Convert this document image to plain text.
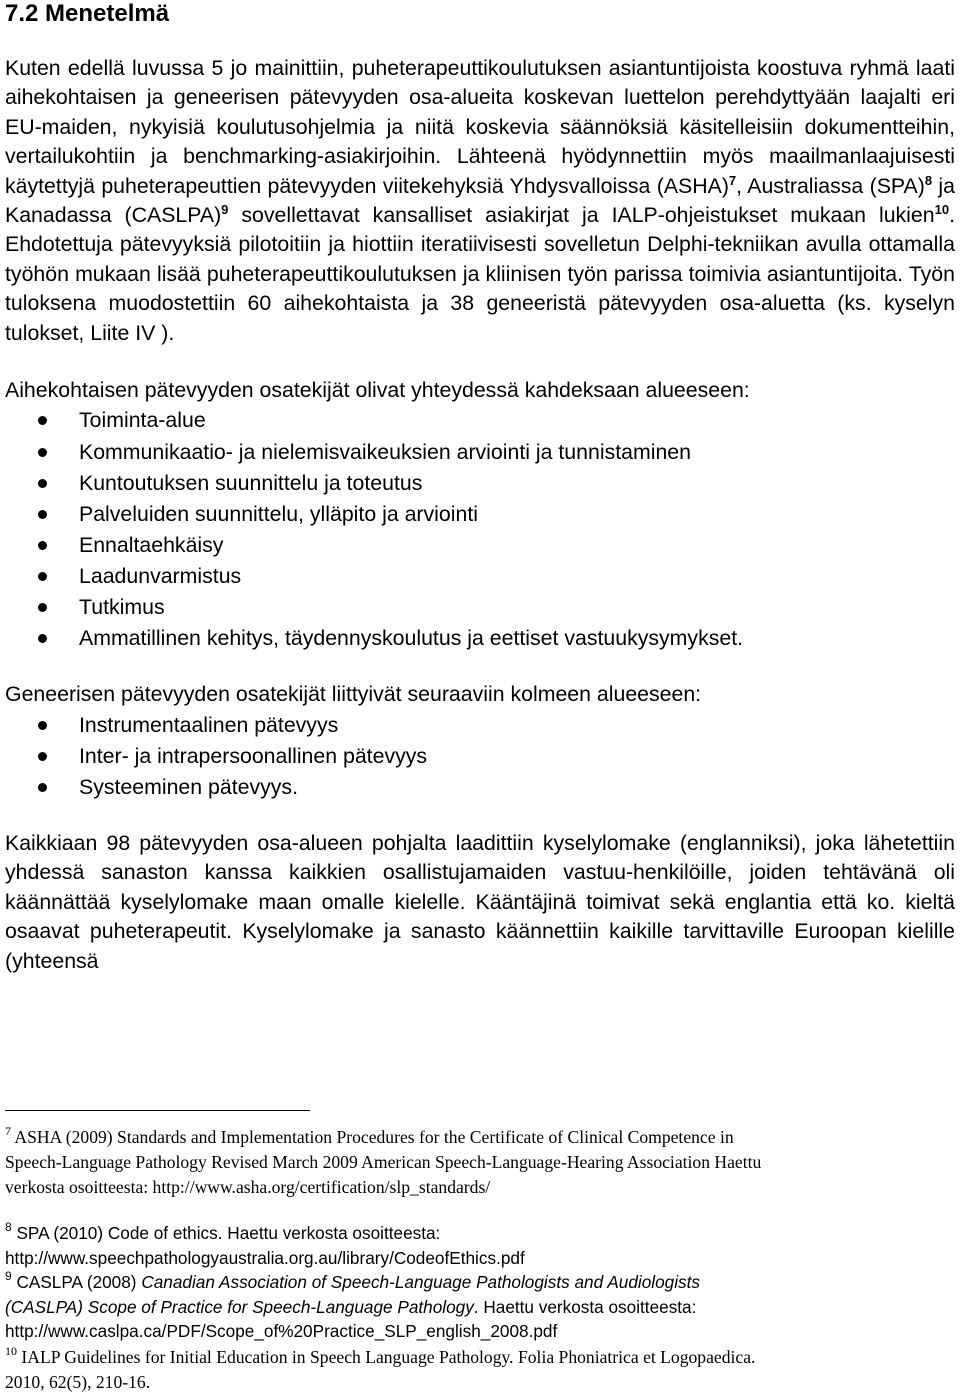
7.2 Menetelmä

Kuten edellä luvussa 5 jo mainittiin, puheterapeuttikoulutuksen asiantuntijoista koostuva ryhmä laati aihekohtaisen ja geneerisen pätevyyden osa-alueita koskevan luettelon perehdyttyään laajalti eri EU-maiden, nykyisiä koulutusohjelmia ja niitä koskevia säännöksiä käsitelleisiin dokumentteihin, vertailukohtiin ja benchmarking-asiakirjoihin. Lähteenä hyödynnettiin myös maailmanlaajuisesti käytettyjä puheterapeuttien pätevyyden viitekehyksiä Yhdysvalloissa (ASHA)$^7$, Australiassa (SPA)$^8$ ja Kanadassa (CASLPA)$^9$ sovellettavat kansalliset asiakirjat ja IALP-ohjeistukset mukaan lukien$^{10}$. Ehdotettuja pätevyyksiä pilotoitiin ja hiottiin iteratiivisesti sovelletun Delphi-tekniikan avulla ottamalla työhön mukaan lisää puheterapeuttikoulutuksen ja kliinisen työn parissa toimivia asiantuntijoita. Työn tuloksena muodostettiin 60 aihekohtaista ja 38 geneeristä pätevyyden osa-aluetta (ks. kyselyn tulokset, Liite IV ).

Aihekohtaisen pätevyyden osatekijät olivat yhteydessä kahdeksaan alueeseen:

Toiminta-alue
Kommunikaatio- ja nielemisvaikeuksien arviointi ja tunnistaminen
Kuntoutuksen suunnittelu ja toteutus
Palveluiden suunnittelu, ylläpito ja arviointi
Ennaltaehkäisy
Laadunvarmistus
Tutkimus
Ammatillinen kehitys, täydennyskoulutus ja eettiset vastuukysymykset.

Geneerisen pätevyyden osatekijät liittyivät seuraaviin kolmeen alueeseen:

Instrumentaalinen pätevyys
Inter- ja intrapersoonallinen pätevyys
Systeeminen pätevyys.

Kaikkiaan 98 pätevyyden osa-alueen pohjalta laadittiin kyselylomake (englanniksi), joka lähetettiin yhdessä sanaston kanssa kaikkien osallistujamaiden vastuu-henkilöille, joiden tehtävänä oli käännättää kyselylomake maan omalle kielelle. Kääntäjinä toimivat sekä englantia että ko. kieltä osaavat puheterapeutit. Kyselylomake ja sanasto käännettiin kaikille tarvittaville Euroopan kielille (yhteensä

$^7$ ASHA (2009) Standards and Implementation Procedures for the Certificate of Clinical Competence in
Speech-Language Pathology Revised March 2009 American Speech-Language-Hearing Association Haettu
verkosta osoitteesta: http://www.asha.org/certification/slp_standards/
$^8$ SPA (2010) Code of ethics. Haettu verkosta osoitteesta:
http://www.speechpathologyaustralia.org.au/library/CodeofEthics.pdf
$^9$ CASLPA (2008) Canadian Association of Speech-Language Pathologists and Audiologists
(CASLPA) Scope of Practice for Speech-Language Pathology. Haettu verkosta osoitteesta:
http://www.caslpa.ca/PDF/Scope_of%20Practice_SLP_english_2008.pdf
$^{10}$ IALP Guidelines for Initial Education in Speech Language Pathology. Folia Phoniatrica et Logopaedica.
2010, 62(5), 210-16.
